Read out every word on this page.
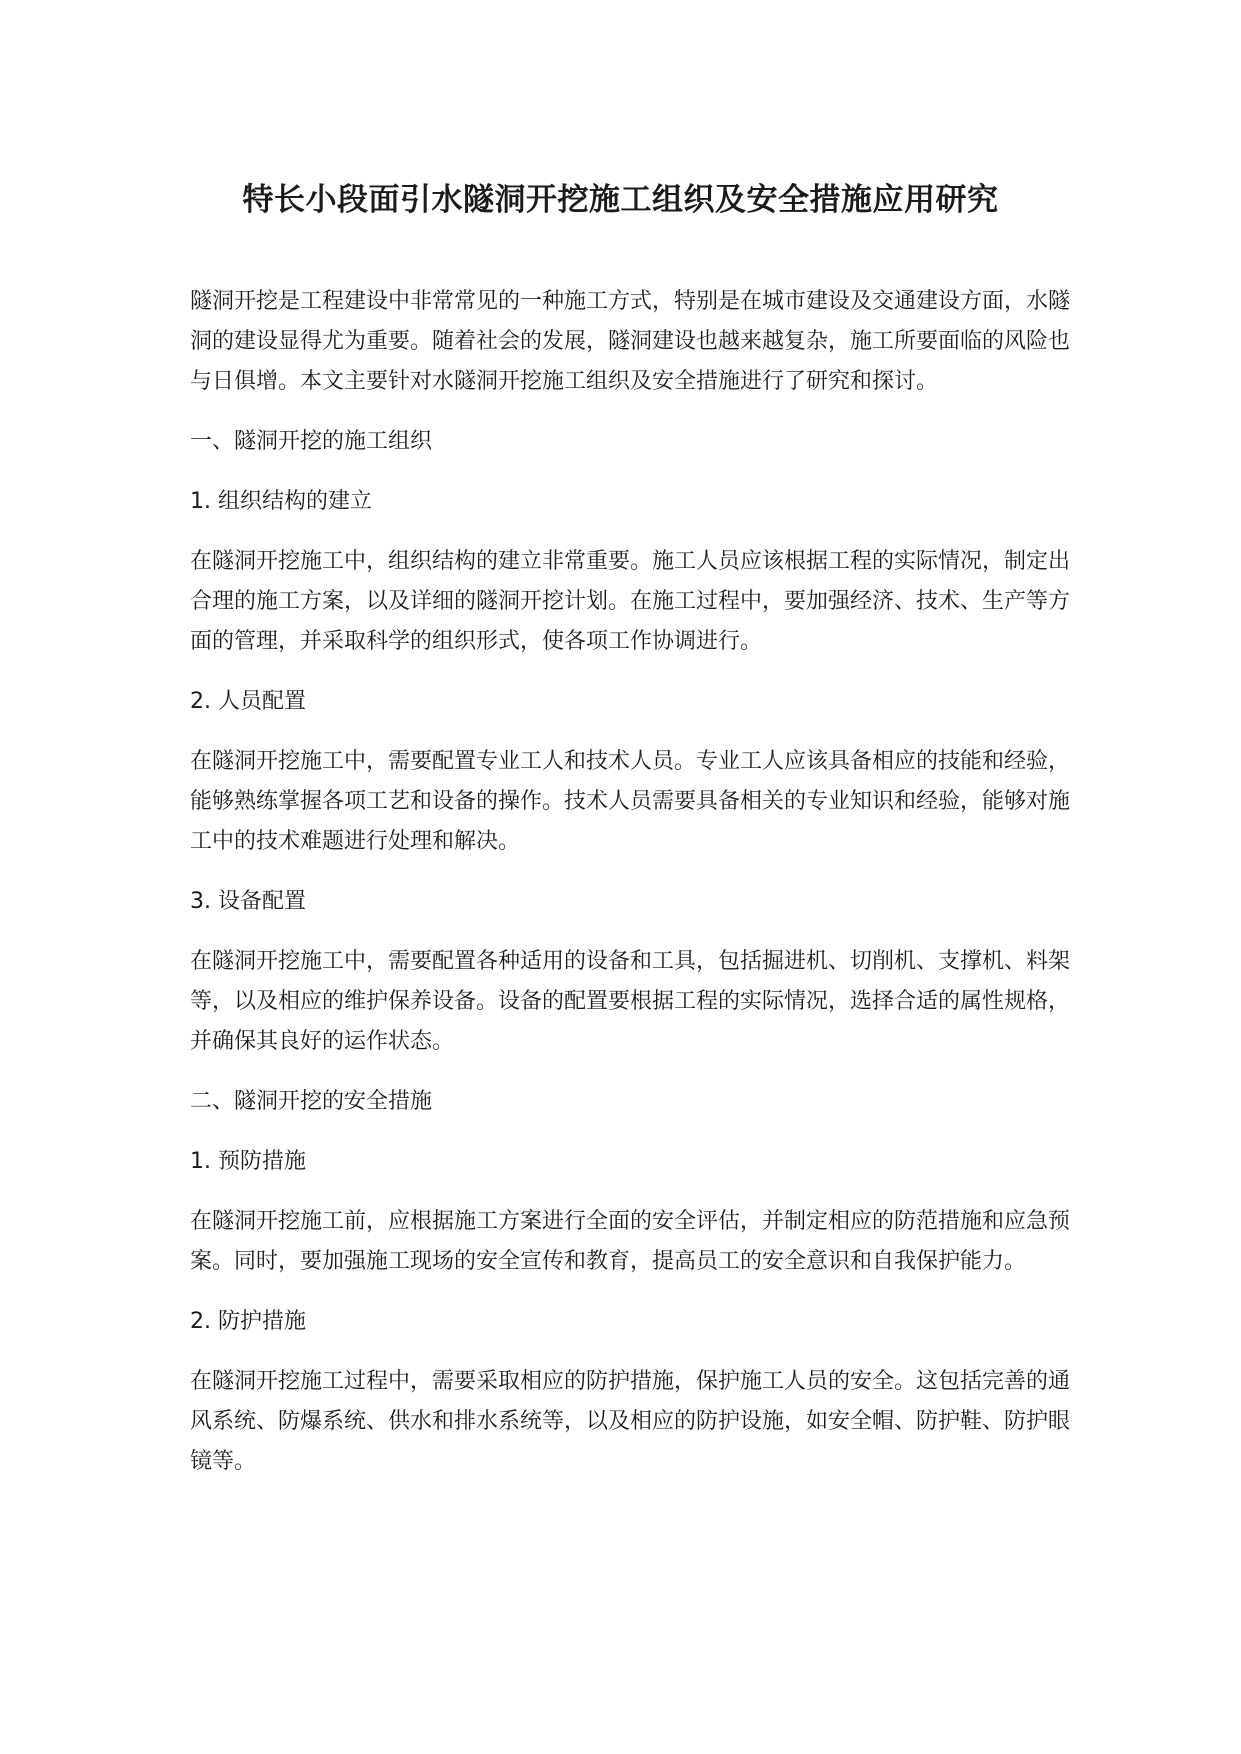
特长小段面引水隧洞开挖施工组织及安全措施应用研究

隧洞开挖是工程建设中非常常见的一种施工方式，特别是在城市建设及交通建设方面，水隧洞的建设显得尤为重要。随着社会的发展，隧洞建设也越来越复杂，施工所要面临的风险也与日俱增。本文主要针对水隧洞开挖施工组织及安全措施进行了研究和探讨。

一、隧洞开挖的施工组织

1. 组织结构的建立

在隧洞开挖施工中，组织结构的建立非常重要。施工人员应该根据工程的实际情况，制定出合理的施工方案，以及详细的隧洞开挖计划。在施工过程中，要加强经济、技术、生产等方面的管理，并采取科学的组织形式，使各项工作协调进行。

2. 人员配置

在隧洞开挖施工中，需要配置专业工人和技术人员。专业工人应该具备相应的技能和经验，能够熟练掌握各项工艺和设备的操作。技术人员需要具备相关的专业知识和经验，能够对施工中的技术难题进行处理和解决。

3. 设备配置

在隧洞开挖施工中，需要配置各种适用的设备和工具，包括掘进机、切削机、支撑机、料架等，以及相应的维护保养设备。设备的配置要根据工程的实际情况，选择合适的属性规格，并确保其良好的运作状态。

二、隧洞开挖的安全措施

1. 预防措施

在隧洞开挖施工前，应根据施工方案进行全面的安全评估，并制定相应的防范措施和应急预案。同时，要加强施工现场的安全宣传和教育，提高员工的安全意识和自我保护能力。

2. 防护措施

在隧洞开挖施工过程中，需要采取相应的防护措施，保护施工人员的安全。这包括完善的通风系统、防爆系统、供水和排水系统等，以及相应的防护设施，如安全帽、防护鞋、防护眼镜等。
